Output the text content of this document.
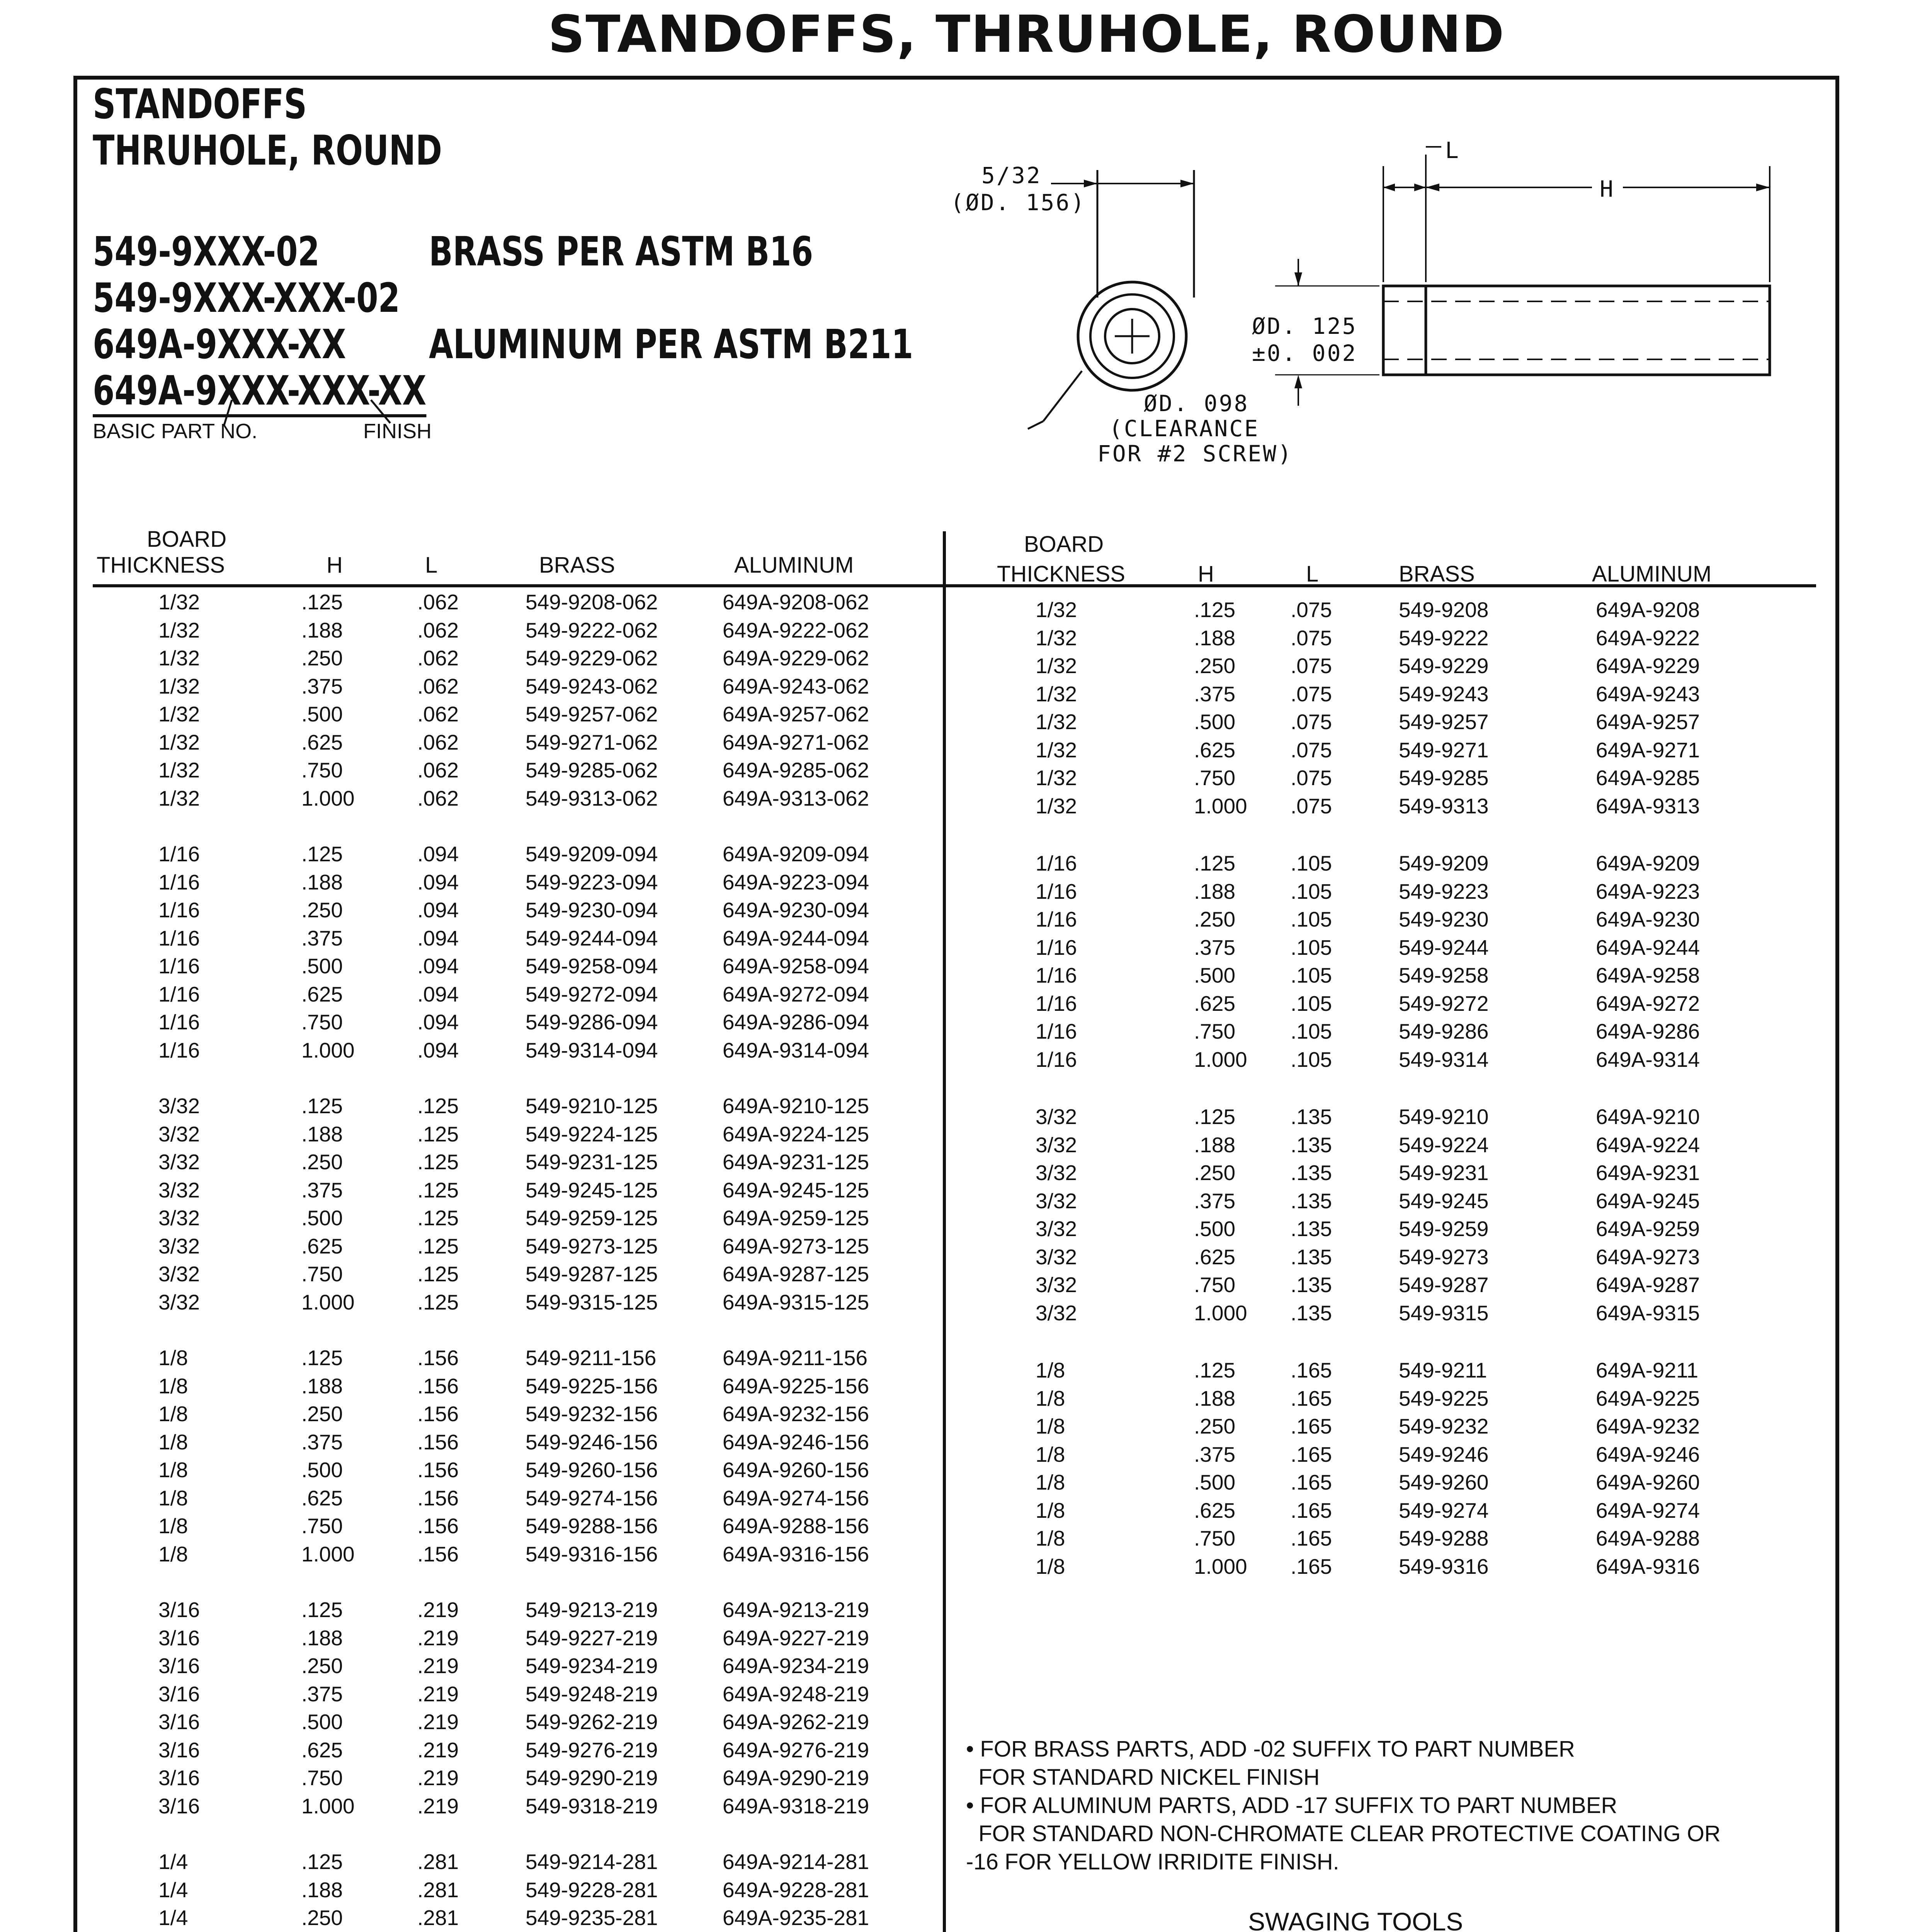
STANDOFFS, THRUHOLE, ROUND
STANDOFFS
THRUHOLE, ROUND
549-9XXX-02	BRASS PER ASTM B16
549-9XXX-XXX-02
649A-9XXX-XX ALUMINUM PER ASTM B211
649A-9XXX-XXX-XX
BASIC PART NO.	FINISH
5/32
(ØD. 156)
L
H
ØD. 125
±0. 002
ØD. 098
(CLEARANCE
FOR #2 SCREW)
BOARD
THICKNESS	H	L	BRASS	ALUMINUM
BOARD
THICKNESS	H	L	BRASS	ALUMINUM
1/32	.125	.062	549-9208-062	649A-9208-062
1/32	.188	.062	549-9222-062	649A-9222-062
1/32	.250	.062	549-9229-062	649A-9229-062
1/32	.375	.062	549-9243-062	649A-9243-062
1/32	.500	.062	549-9257-062	649A-9257-062
1/32	.625	.062	549-9271-062	649A-9271-062
1/32	.750	.062	549-9285-062	649A-9285-062
1/32	1.000	.062	549-9313-062	649A-9313-062
1/16	.125	.094	549-9209-094	649A-9209-094
1/16	.188	.094	549-9223-094	649A-9223-094
1/16	.250	.094	549-9230-094	649A-9230-094
1/16	.375	.094	549-9244-094	649A-9244-094
1/16	.500	.094	549-9258-094	649A-9258-094
1/16	.625	.094	549-9272-094	649A-9272-094
1/16	.750	.094	549-9286-094	649A-9286-094
1/16	1.000	.094	549-9314-094	649A-9314-094
3/32	.125	.125	549-9210-125	649A-9210-125
3/32	.188	.125	549-9224-125	649A-9224-125
3/32	.250	.125	549-9231-125	649A-9231-125
3/32	.375	.125	549-9245-125	649A-9245-125
3/32	.500	.125	549-9259-125	649A-9259-125
3/32	.625	.125	549-9273-125	649A-9273-125
3/32	.750	.125	549-9287-125	649A-9287-125
3/32	1.000	.125	549-9315-125	649A-9315-125
1/8	.125	.156	549-9211-156	649A-9211-156
1/8	.188	.156	549-9225-156	649A-9225-156
1/8	.250	.156	549-9232-156	649A-9232-156
1/8	.375	.156	549-9246-156	649A-9246-156
1/8	.500	.156	549-9260-156	649A-9260-156
1/8	.625	.156	549-9274-156	649A-9274-156
1/8	.750	.156	549-9288-156	649A-9288-156
1/8	1.000	.156	549-9316-156	649A-9316-156
3/16	.125	.219	549-9213-219	649A-9213-219
3/16	.188	.219	549-9227-219	649A-9227-219
3/16	.250	.219	549-9234-219	649A-9234-219
3/16	.375	.219	549-9248-219	649A-9248-219
3/16	.500	.219	549-9262-219	649A-9262-219
3/16	.625	.219	549-9276-219	649A-9276-219
3/16	.750	.219	549-9290-219	649A-9290-219
3/16	1.000	.219	549-9318-219	649A-9318-219
1/4	.125	.281	549-9214-281	649A-9214-281
1/4	.188	.281	549-9228-281	649A-9228-281
1/4	.250	.281	549-9235-281	649A-9235-281
1/32	.125	.075	549-9208	649A-9208
1/32	.188	.075	549-9222	649A-9222
1/32	.250	.075	549-9229	649A-9229
1/32	.375	.075	549-9243	649A-9243
1/32	.500	.075	549-9257	649A-9257
1/32	.625	.075	549-9271	649A-9271
1/32	.750	.075	549-9285	649A-9285
1/32	1.000 .075	549-9313	649A-9313
1/16	.125	.105	549-9209	649A-9209
1/16	.188	.105	549-9223	649A-9223
1/16	.250	.105	549-9230	649A-9230
1/16	.375	.105	549-9244	649A-9244
1/16	.500	.105	549-9258	649A-9258
1/16	.625	.105	549-9272	649A-9272
1/16	.750	.105	549-9286	649A-9286
1/16	1.000 .105	549-9314	649A-9314
3/32	.125	.135	549-9210	649A-9210
3/32	.188	.135	549-9224	649A-9224
3/32	.250	.135	549-9231	649A-9231
3/32	.375	.135	549-9245	649A-9245
3/32	.500	.135	549-9259	649A-9259
3/32	.625	.135	549-9273	649A-9273
3/32	.750	.135	549-9287	649A-9287
3/32	1.000 .135	549-9315	649A-9315
1/8	.125	.165	549-9211	649A-9211
1/8	.188	.165	549-9225	649A-9225
1/8	.250	.165	549-9232	649A-9232
1/8	.375	.165	549-9246	649A-9246
1/8	.500	.165	549-9260	649A-9260
1/8	.625	.165	549-9274	649A-9274
1/8	.750	.165	549-9288	649A-9288
1/8	1.000 .165	549-9316	649A-9316
• FOR BRASS PARTS, ADD -02 SUFFIX TO PART NUMBER
FOR STANDARD NICKEL FINISH
• FOR ALUMINUM PARTS, ADD -17 SUFFIX TO PART NUMBER
FOR STANDARD NON-CHROMATE CLEAR PROTECTIVE COATING OR
-16 FOR YELLOW IRRIDITE FINISH.
SWAGING TOOLS
